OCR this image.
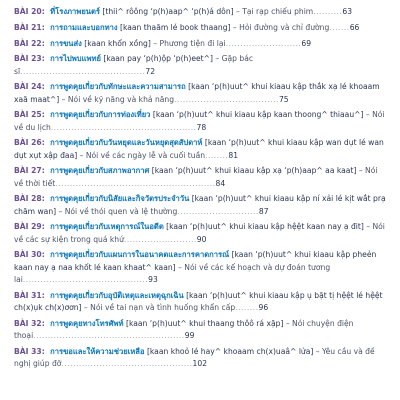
BÀI 20: ที่โรงภาพยนตร์ [thii^ rôông ‘p(h)aap^ ‘p(h)á dôn] – Tại rạp chiếu phim..........63
BÀI 21: การถามและบอกทาง [kaan thaăm lé book thaang] – Hỏi đường và chỉ đường.......66
BÀI 22: การขนส่ง [kaan khổn xồng] – Phương tiện đi lại..........................69
BÀI 23: การไปพบแพทย์ [kaan pay ‘p(h)ộp ‘p(h)eet^] – Gặp bác sĩ...........................................72
BÀI 24: การพูดคุยเกี่ยวกับทักษะและความสามารถ [kaan ‘p(h)uut^ khui kiaau kập thắk xạ lé khoaam xaă maat^] – Nói về kỹ năng và khả năng....................................75
BÀI 25: การพูดคุยเกี่ยวกับการท่องเที่ยว [kaan ‘p(h)uut^ khui kiaau kập kaan thoong^ thiaau^] – Nói về du lịch..................................................78
BÀI 26: การพูดคุยเกี่ยวกับวันหยุดและวันหยุดสุดสัปดาห์ [kaan ‘p(h)uut^ khui kiaau kập wan dụt lé wan dụt xụt xập đaa] – Nói về các ngày lễ và cuối tuần........81
BÀI 27: การพูดคุยเกี่ยวกับสภาพอากาศ [kaan ‘p(h)uut^ khui kiaau kập xạ ‘p(h)aap^ aa kaat] – Nói về thời tiết.......................................................84
BÀI 28: การพูดคุยเกี่ยวกับนิสัยและกิจวัตรประจำวัน [kaan ‘p(h)uut^ khui kiaau kập ní xải lé kịt wắt prạ chăm wan] – Nói về thói quen và lệ thường............................87
BÀI 29: การพูดคุยเกี่ยวกับเหตุการณ์ในอดีต [kaan ‘p(h)uut^ khui kiaau kập hệệt kaan nay ạ đit] – Nói về các sự kiện trong quá khứ.........................90
BÀI 30: การพูดคุยเกี่ยวกับแผนการในอนาคตและการคาดการณ์ [kaan ‘p(h)uut^ khui kiaau kập pheẻn kaan nay ạ naa khốt lé kaan khaat^ kaan] – Nói về các kế hoạch và dự đoán tương lai...........................................93
BÀI 31: การพูดคุยเกี่ยวกับอุบัติเหตุและเหตุฉุกเฉิน [kaan ‘p(h)uut^ khui kiaau kập ụ bặt tị hệệt lé hệệt ch(x)ụk ch(x)ơơn] – Nói về tai nạn và tình huống khẩn cấp........96
BÀI 32: การพูดคุยทางโทรศัพท์ [kaan ‘p(h)uut^ khui thaang thôô rá xặp] – Nói chuyện điện thoại....................................................99
BÀI 33: การขอและให้ความช่วยเหลือ [kaan khoỏ lé hay^ khoaam ch(x)uaâ^ lửa] – Yêu cầu và đề nghị giúp đỡ.............................................102
